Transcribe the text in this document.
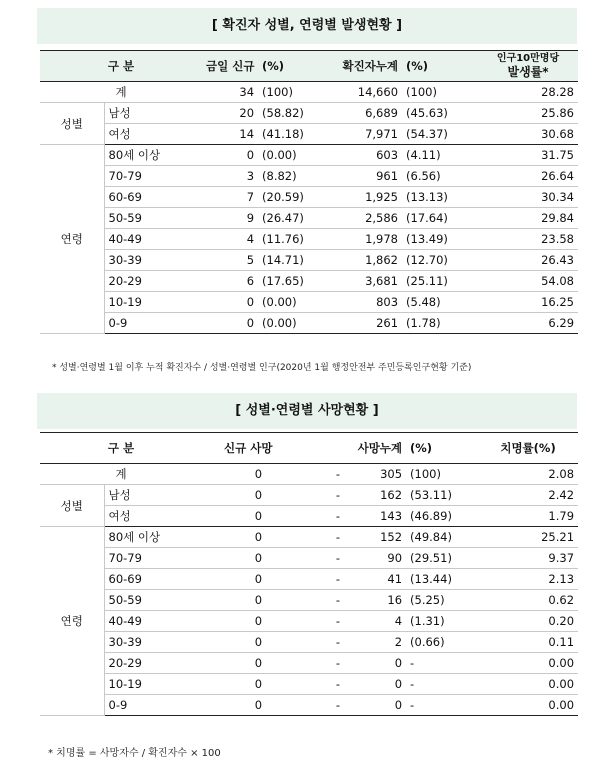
[ 확진자 성별, 연령별 발생현황 ]
구 분		금일 신규	(%)	확진자누계	(%)	인구10만명당
발생률*

계		34	(100)	14,660	(100)	28.28
성별	남성	20	(58.82)	6,689	(45.63)	25.86
	여성	14	(41.18)	7,971	(54.37)	30.68
연령	80세 이상	0	(0.00)	603	(4.11)	31.75
	70-79	3	(8.82)	961	(6.56)	26.64
	60-69	7	(20.59)	1,925	(13.13)	30.34
	50-59	9	(26.47)	2,586	(17.64)	29.84
	40-49	4	(11.76)	1,978	(13.49)	23.58
	30-39	5	(14.71)	1,862	(12.70)	26.43
	20-29	6	(17.65)	3,681	(25.11)	54.08
	10-19	0	(0.00)	803	(5.48)	16.25
	0-9	0	(0.00)	261	(1.78)	6.29
* 성별·연령별 1월 이후 누적 확진자수 / 성별·연령별 인구(2020년 1월 행정안전부 주민등록인구현황 기준)
[ 성별·연령별 사망현황 ]
구 분		신규 사망		사망누계	(%)	치명률(%)
계		0	-	305	(100)	2.08
성별	남성	0	-	162	(53.11)	2.42
	여성	0	-	143	(46.89)	1.79
연령	80세 이상	0	-	152	(49.84)	25.21
	70-79	0	-	90	(29.51)	9.37
	60-69	0	-	41	(13.44)	2.13
	50-59	0	-	16	(5.25)	0.62
	40-49	0	-	4	(1.31)	0.20
	30-39	0	-	2	(0.66)	0.11
	20-29	0	-	0	-	0.00
	10-19	0	-	0	-	0.00
	0-9	0	-	0	-	0.00
* 치명률 = 사망자수 / 확진자수 × 100
